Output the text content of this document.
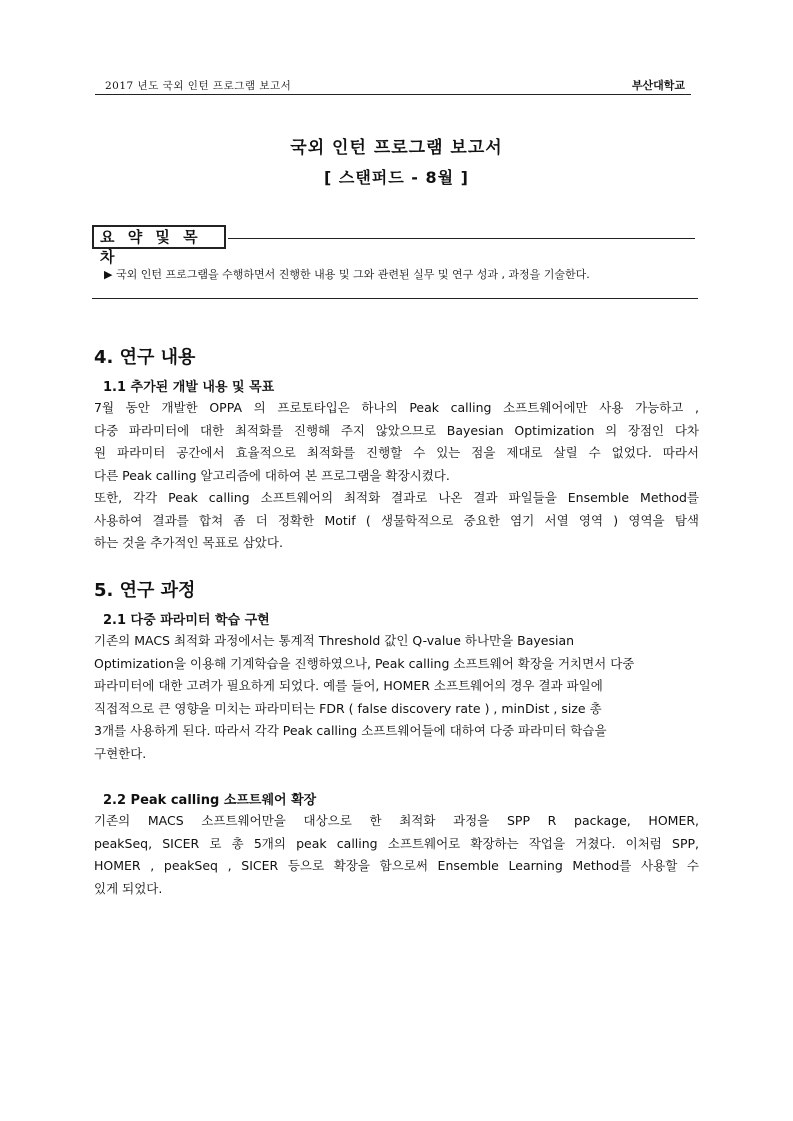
2017 년도 국외 인턴 프로그램 보고서	부산대학교
국외 인턴 프로그램 보고서
[ 스탠퍼드 - 8월 ]
요 약 및 목 차
▶ 국외 인턴 프로그램을 수행하면서 진행한 내용 및 그와 관련된 실무 및 연구 성과 , 과정을 기술한다.
4. 연구 내용
1.1 추가된 개발 내용 및 목표
7월 동안 개발한 OPPA 의 프로토타입은 하나의 Peak calling 소프트웨어에만 사용 가능하고 ,
다중 파라미터에 대한 최적화를 진행해 주지 않았으므로 Bayesian Optimization 의 장점인 다차
원 파라미터 공간에서 효율적으로 최적화를 진행할 수 있는 점을 제대로 살릴 수 없었다. 따라서
다른 Peak calling 알고리즘에 대하여 본 프로그램을 확장시켰다.
또한, 각각 Peak calling 소프트웨어의 최적화 결과로 나온 결과 파일들을 Ensemble Method를
사용하여 결과를 합쳐 좀 더 정확한 Motif ( 생물학적으로 중요한 염기 서열 영역 ) 영역을 탐색
하는 것을 추가적인 목표로 삼았다.
5. 연구 과정
2.1 다중 파라미터 학습 구현
기존의 MACS 최적화 과정에서는 통계적 Threshold 값인 Q-value 하나만을 Bayesian
Optimization을 이용해 기계학습을 진행하였으나, Peak calling 소프트웨어 확장을 거치면서 다중
파라미터에 대한 고려가 필요하게 되었다. 예를 들어, HOMER 소프트웨어의 경우 결과 파일에
직접적으로 큰 영향을 미치는 파라미터는 FDR ( false discovery rate ) , minDist , size 총
3개를 사용하게 된다. 따라서 각각 Peak calling 소프트웨어들에 대하여 다중 파라미터 학습을
구현한다.
2.2 Peak calling 소프트웨어 확장
기존의 MACS 소프트웨어만을 대상으로 한 최적화 과정을 SPP R package, HOMER,
peakSeq, SICER 로 총 5개의 peak calling 소프트웨어로 확장하는 작업을 거쳤다. 이처럼 SPP,
HOMER , peakSeq , SICER 등으로 확장을 함으로써 Ensemble Learning Method를 사용할 수
있게 되었다.
